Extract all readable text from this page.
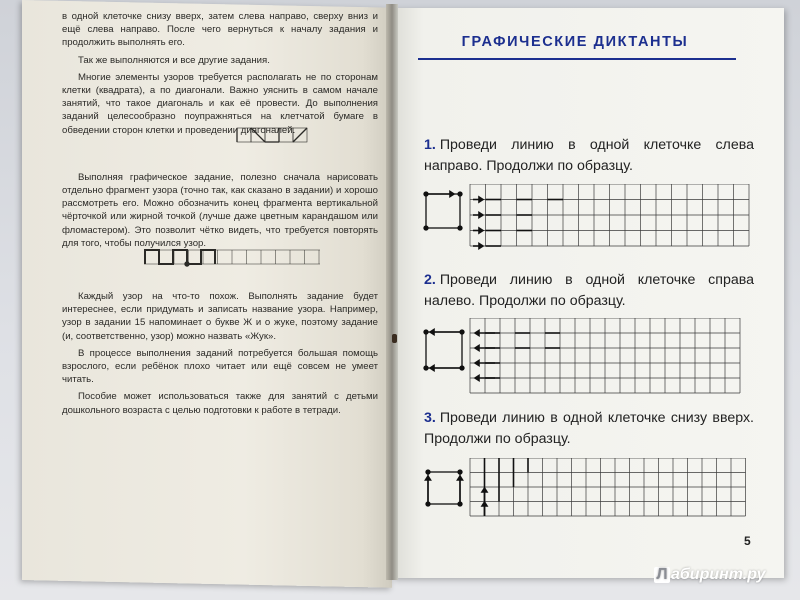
в одной клеточке снизу вверх, затем слева направо, сверху вниз и ещё слева направо. После чего вернуться к началу задания и продолжить выполнять его.

Так же выполняются и все другие задания.

Многие элементы узоров требуется располагать не по сторонам клетки (квадрата), а по диагонали. Важно уяснить в самом начале занятий, что такое диагональ и как её провести. До выполнения заданий целесообразно поупражняться на клетчатой бумаге в обведении сторон клетки и проведении диагоналей.

Выполняя графическое задание, полезно сначала нарисовать отдельно фрагмент узора (точно так, как сказано в задании) и хорошо рассмотреть его. Можно обозначить конец фрагмента вертикальной чёрточкой или жирной точкой (лучше даже цветным карандашом или фломастером). Это позволит чётко видеть, что требуется повторять для того, чтобы получился узор.

Каждый узор на что-то похож. Выполнять задание будет интереснее, если придумать и записать название узора. Например, узор в задании 15 напоминает о букве Ж и о жуке, поэтому задание (и, соответственно, узор) можно назвать «Жук».

В процессе выполнения заданий потребуется большая помощь взрослого, если ребёнок плохо читает или ещё совсем не умеет читать.

Пособие может использоваться также для занятий с детьми дошкольного возраста с целью подготовки к работе в тетради.

ГРАФИЧЕСКИЕ ДИКТАНТЫ
1. Проведи линию в одной клеточке слева направо. Продолжи по образцу.
2. Проведи линию в одной клеточке справа налево. Продолжи по образцу.
3. Проведи линию в одной клеточке снизу вверх. Продолжи по образцу.
5
Л абиринт.ру
